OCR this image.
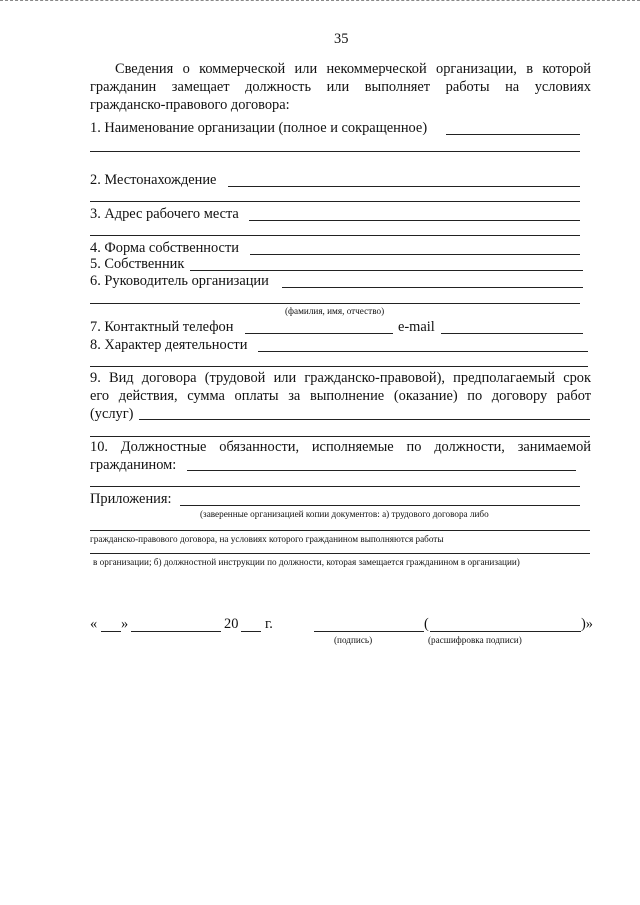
35
Сведения о коммерческой или некоммерческой организации, в которой
гражданин замещает должность или выполняет работы на условиях
гражданско-правового договора:
1. Наименование организации (полное и сокращенное)
2. Местонахождение
3. Адрес рабочего места
4. Форма собственности
5. Собственник
6. Руководитель организации
(фамилия, имя, отчество)
7. Контактный телефон	e-mail
8. Характер деятельности
9. Вид договора (трудовой или гражданско-правовой), предполагаемый срок
его действия, сумма оплаты за выполнение (оказание) по договору работ
(услуг)
10. Должностные обязанности, исполняемые по должности, занимаемой
гражданином:
Приложения:
(заверенные организацией копии документов: а) трудового договора либо
гражданско-правового договора, на условиях которого гражданином выполняются работы
в организации; б) должностной инструкции по должности, которая замещается гражданином в организации)
« »	20 г.	(	)»
(подпись)	(расшифровка подписи)
